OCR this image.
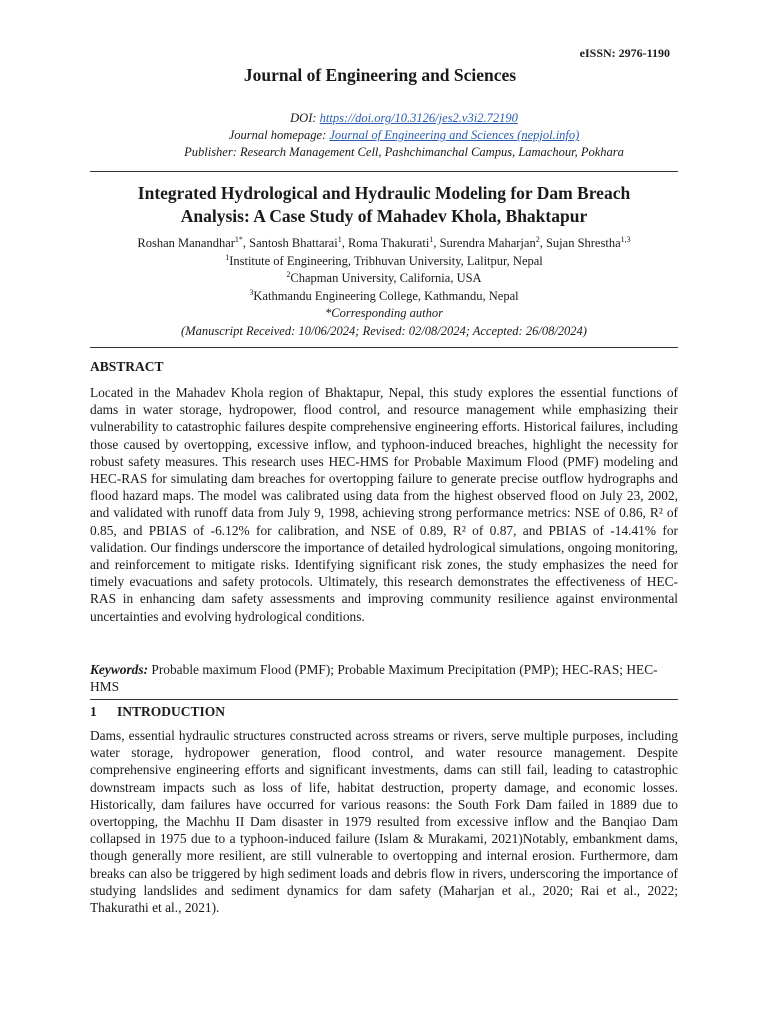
eISSN: 2976-1190
Journal of Engineering and Sciences
DOI: https://doi.org/10.3126/jes2.v3i2.72190
Journal homepage: Journal of Engineering and Sciences (nepjol.info)
Publisher: Research Management Cell, Pashchimanchal Campus, Lamachour, Pokhara
Integrated Hydrological and Hydraulic Modeling for Dam Breach
Analysis: A Case Study of Mahadev Khola, Bhaktapur
Roshan Manandhar$^{1*}$, Santosh Bhattarai$^1$, Roma Thakurati$^1$, Surendra Maharjan$^2$, Sujan Shrestha$^{1,3}$
$^1$Institute of Engineering, Tribhuvan University, Lalitpur, Nepal
$^2$Chapman University, California, USA
$^3$Kathmandu Engineering College, Kathmandu, Nepal
*Corresponding author
(Manuscript Received: 10/06/2024; Revised: 02/08/2024; Accepted: 26/08/2024)
ABSTRACT
Located in the Mahadev Khola region of Bhaktapur, Nepal, this study explores the essential functions of dams in water storage, hydropower, flood control, and resource management while emphasizing their vulnerability to catastrophic failures despite comprehensive engineering efforts. Historical failures, including those caused by overtopping, excessive inflow, and typhoon-induced breaches, highlight the necessity for robust safety measures. This research uses HEC-HMS for Probable Maximum Flood (PMF) modeling and HEC-RAS for simulating dam breaches for overtopping failure to generate precise outflow hydrographs and flood hazard maps. The model was calibrated using data from the highest observed flood on July 23, 2002, and validated with runoff data from July 9, 1998, achieving strong performance metrics: NSE of 0.86, R² of 0.85, and PBIAS of -6.12% for calibration, and NSE of 0.89, R² of 0.87, and PBIAS of -14.41% for validation. Our findings underscore the importance of detailed hydrological simulations, ongoing monitoring, and reinforcement to mitigate risks. Identifying significant risk zones, the study emphasizes the need for timely evacuations and safety protocols. Ultimately, this research demonstrates the effectiveness of HEC-RAS in enhancing dam safety assessments and improving community resilience against environmental uncertainties and evolving hydrological conditions.
Keywords: Probable maximum Flood (PMF); Probable Maximum Precipitation (PMP); HEC-RAS; HEC-HMS
1 INTRODUCTION
Dams, essential hydraulic structures constructed across streams or rivers, serve multiple purposes, including water storage, hydropower generation, flood control, and water resource management. Despite comprehensive engineering efforts and significant investments, dams can still fail, leading to catastrophic downstream impacts such as loss of life, habitat destruction, property damage, and economic losses. Historically, dam failures have occurred for various reasons: the South Fork Dam failed in 1889 due to overtopping, the Machhu II Dam disaster in 1979 resulted from excessive inflow and the Banqiao Dam collapsed in 1975 due to a typhoon-induced failure (Islam & Murakami, 2021)Notably, embankment dams, though generally more resilient, are still vulnerable to overtopping and internal erosion. Furthermore, dam breaks can also be triggered by high sediment loads and debris flow in rivers, underscoring the importance of studying landslides and sediment dynamics for dam safety (Maharjan et al., 2020; Rai et al., 2022; Thakurathi et al., 2021).
